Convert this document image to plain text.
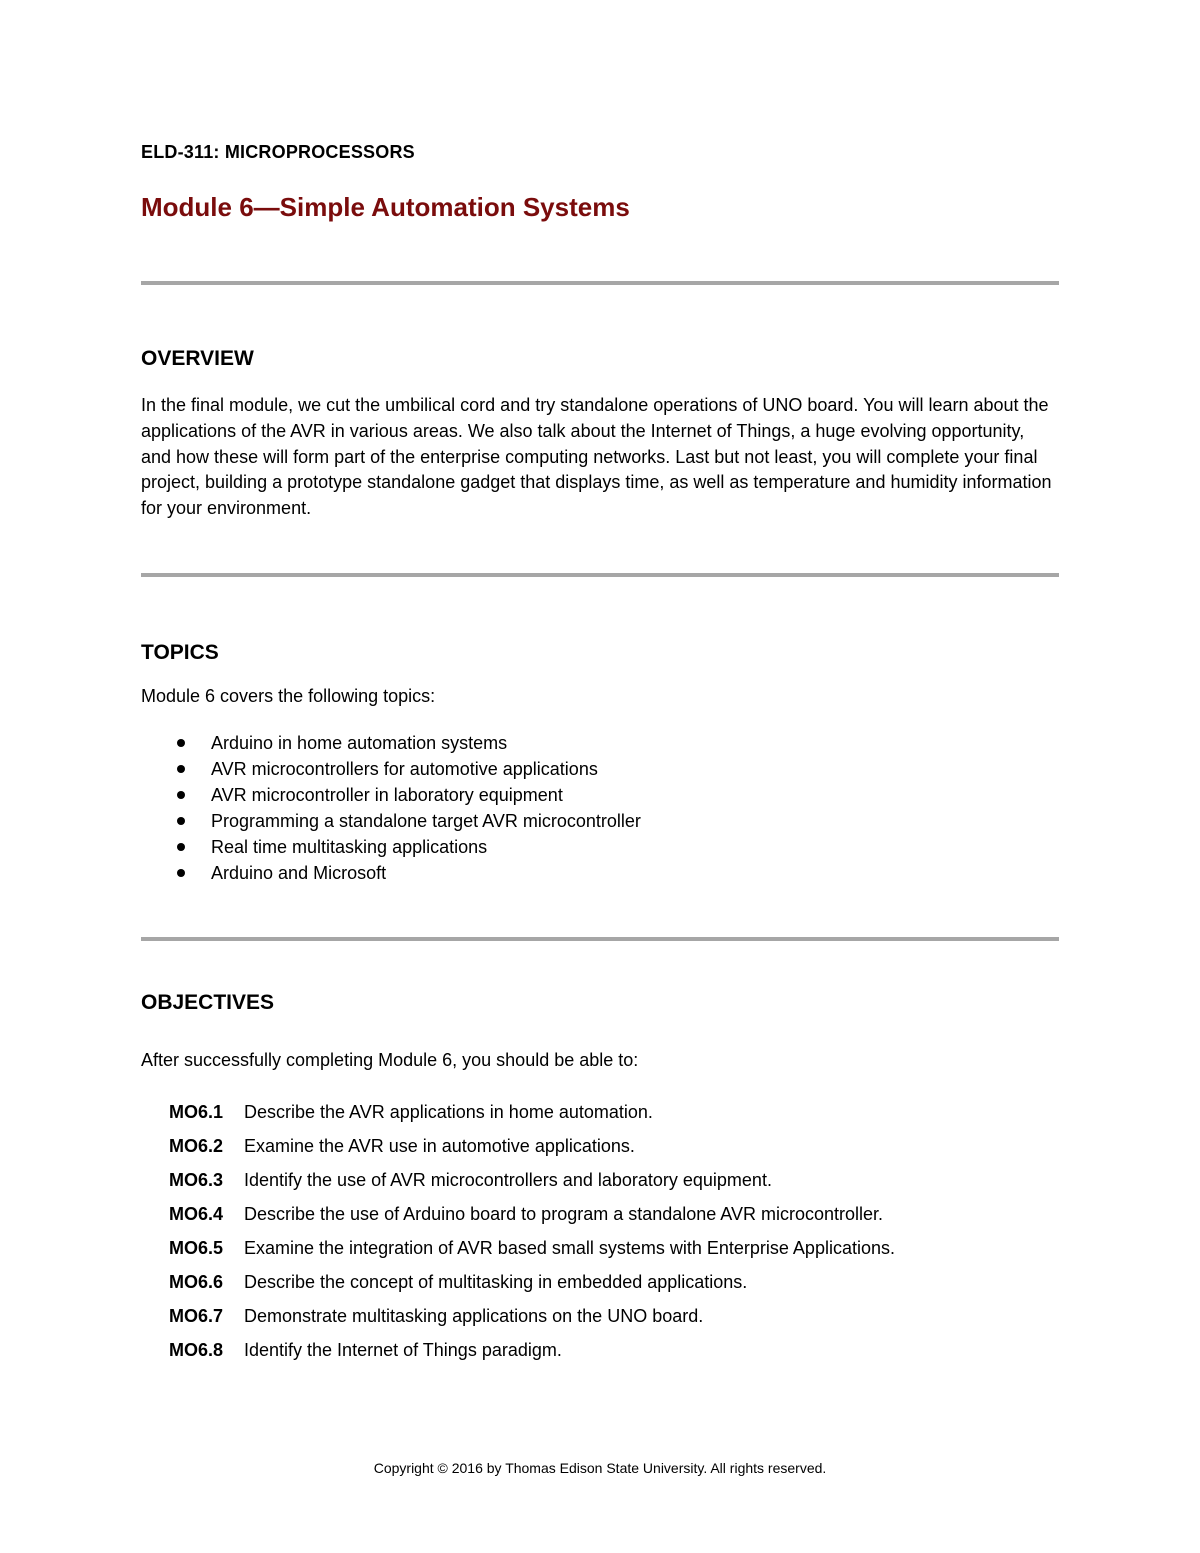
ELD-311: MICROPROCESSORS
Module 6—Simple Automation Systems
OVERVIEW
In the final module, we cut the umbilical cord and try standalone operations of UNO board. You will learn about the applications of the AVR in various areas. We also talk about the Internet of Things, a huge evolving opportunity, and how these will form part of the enterprise computing networks. Last but not least, you will complete your final project, building a prototype standalone gadget that displays time, as well as temperature and humidity information for your environment.
TOPICS
Module 6 covers the following topics:
Arduino in home automation systems
AVR microcontrollers for automotive applications
AVR microcontroller in laboratory equipment
Programming a standalone target AVR microcontroller
Real time multitasking applications
Arduino and Microsoft
OBJECTIVES
After successfully completing Module 6, you should be able to:
MO6.1 Describe the AVR applications in home automation.
MO6.2 Examine the AVR use in automotive applications.
MO6.3 Identify the use of AVR microcontrollers and laboratory equipment.
MO6.4 Describe the use of Arduino board to program a standalone AVR microcontroller.
MO6.5 Examine the integration of AVR based small systems with Enterprise Applications.
MO6.6 Describe the concept of multitasking in embedded applications.
MO6.7 Demonstrate multitasking applications on the UNO board.
MO6.8 Identify the Internet of Things paradigm.
Copyright © 2016 by Thomas Edison State University. All rights reserved.
